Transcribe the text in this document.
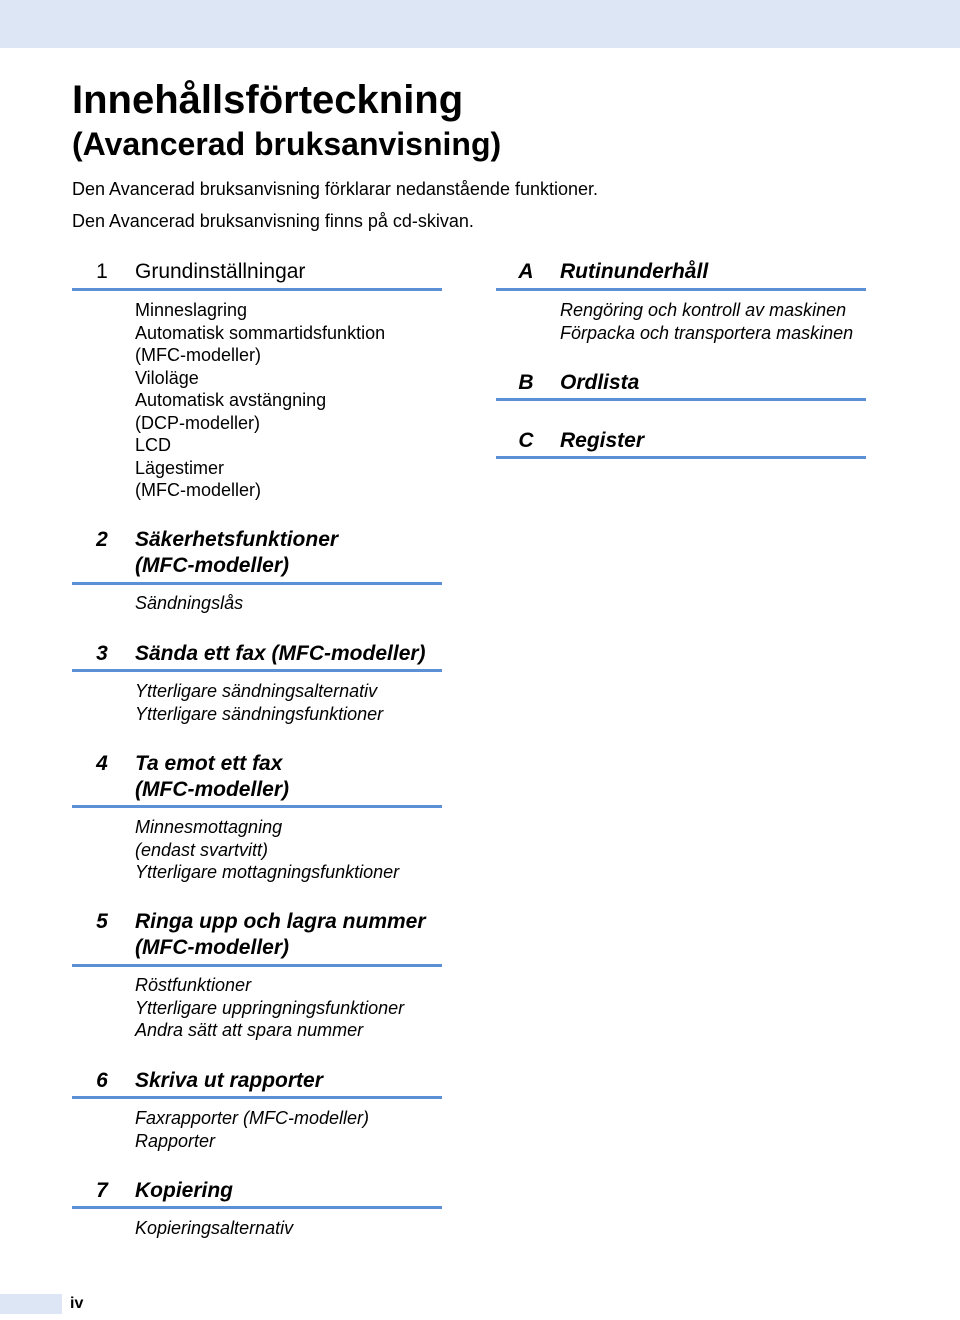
Innehållsförteckning
(Avancerad bruksanvisning)

Den Avancerad bruksanvisning förklarar nedanstående funktioner.

Den Avancerad bruksanvisning finns på cd-skivan.

1	Grundinställningar
Minneslagring
Automatisk sommartidsfunktion
(MFC-modeller)
Viloläge
Automatisk avstängning
(DCP-modeller)
LCD
Lägestimer
(MFC-modeller)
2	Säkerhetsfunktioner
(MFC-modeller)
Sändningslås
3	Sända ett fax (MFC-modeller)
Ytterligare sändningsalternativ
Ytterligare sändningsfunktioner
4	Ta emot ett fax
(MFC-modeller)
Minnesmottagning
(endast svartvitt)
Ytterligare mottagningsfunktioner
5	Ringa upp och lagra nummer
(MFC-modeller)
Röstfunktioner
Ytterligare uppringningsfunktioner
Andra sätt att spara nummer
6	Skriva ut rapporter
Faxrapporter (MFC-modeller)
Rapporter
7	Kopiering
Kopieringsalternativ
A	Rutinunderhåll
Rengöring och kontroll av maskinen
Förpacka och transportera maskinen
B	Ordlista
C	Register
iv
